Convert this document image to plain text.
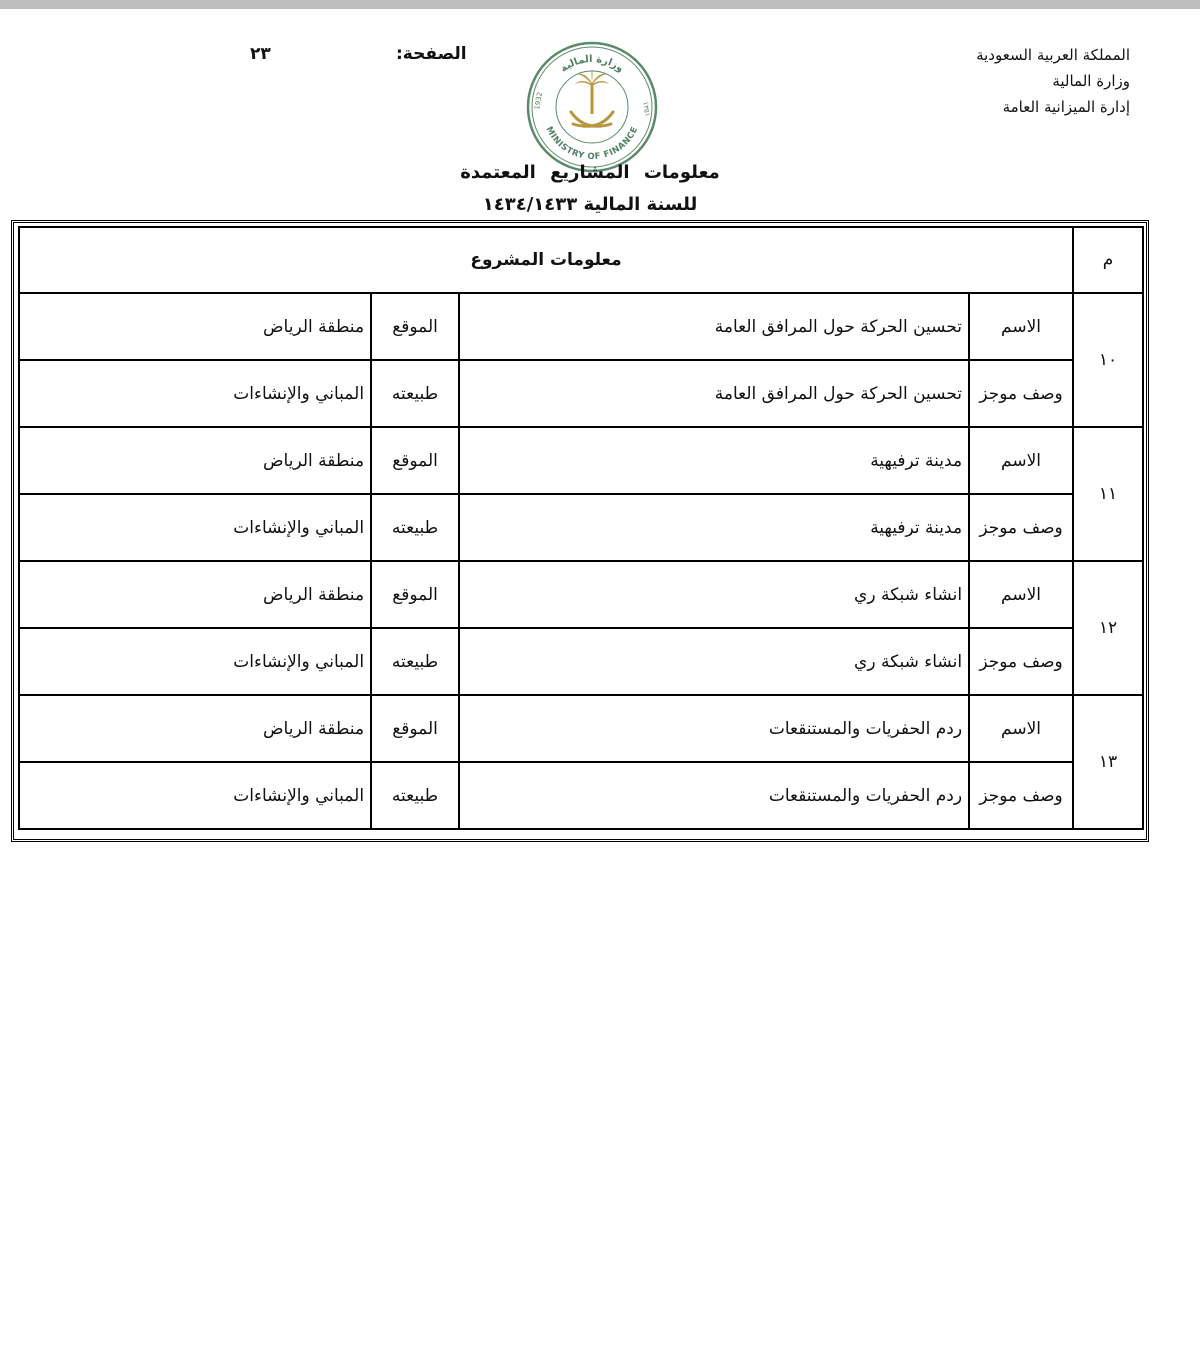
المملكة العربية السعودية
وزارة المالية
إدارة الميزانية العامة
الصفحة:
٢٣
وزارة المالية
MINISTRY OF FINANCE
1932	١٣٥١
معلومات المشاريع المعتمدة
للسنة المالية ١٤٣٤/١٤٣٣
م	معلومات المشروع			
١٠	الاسم	تحسين الحركة حول المرافق العامة	الموقع	منطقة الرياض
	وصف موجز	تحسين الحركة حول المرافق العامة	طبيعته	المباني والإنشاءات
١١	الاسم	مدينة ترفيهية	الموقع	منطقة الرياض
	وصف موجز	مدينة ترفيهية	طبيعته	المباني والإنشاءات
١٢	الاسم	انشاء شبكة ري	الموقع	منطقة الرياض
	وصف موجز	انشاء شبكة ري	طبيعته	المباني والإنشاءات
١٣	الاسم	ردم الحفريات والمستنقعات	الموقع	منطقة الرياض
	وصف موجز	ردم الحفريات والمستنقعات	طبيعته	المباني والإنشاءات
